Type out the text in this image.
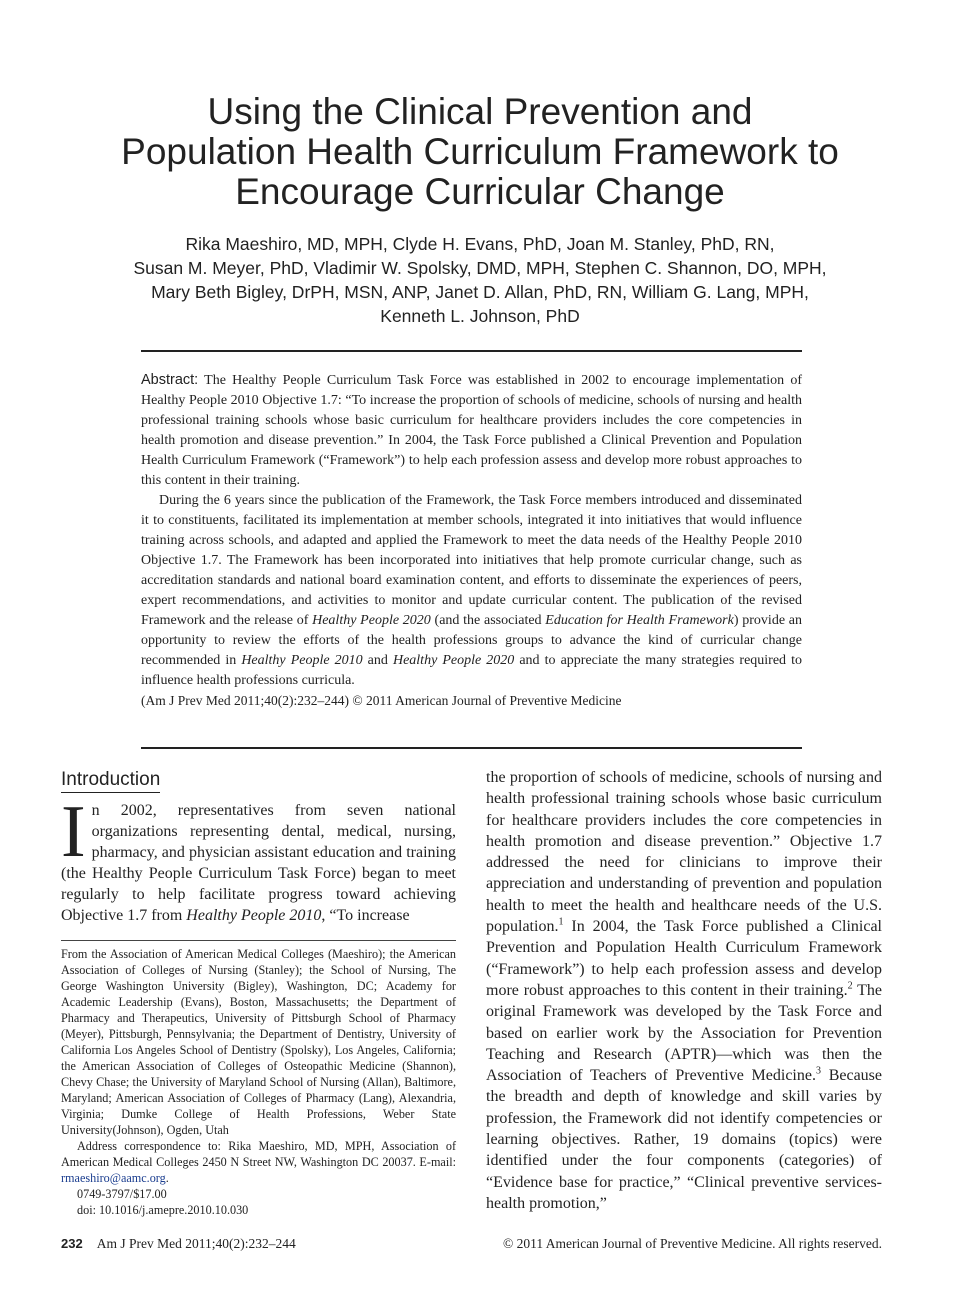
Using the Clinical Prevention and
Population Health Curriculum Framework to
Encourage Curricular Change
Rika Maeshiro, MD, MPH, Clyde H. Evans, PhD, Joan M. Stanley, PhD, RN,
Susan M. Meyer, PhD, Vladimir W. Spolsky, DMD, MPH, Stephen C. Shannon, DO, MPH,
Mary Beth Bigley, DrPH, MSN, ANP, Janet D. Allan, PhD, RN, William G. Lang, MPH,
Kenneth L. Johnson, PhD

Abstract: The Healthy People Curriculum Task Force was established in 2002 to encourage implementation of Healthy People 2010 Objective 1.7: “To increase the proportion of schools of medicine, schools of nursing and health professional training schools whose basic curriculum for healthcare providers includes the core competencies in health promotion and disease prevention.” In 2004, the Task Force published a Clinical Prevention and Population Health Curriculum Framework (“Framework”) to help each profession assess and develop more robust approaches to this content in their training.

During the 6 years since the publication of the Framework, the Task Force members introduced and disseminated it to constituents, facilitated its implementation at member schools, integrated it into initiatives that would influence training across schools, and adapted and applied the Framework to meet the data needs of the Healthy People 2010 Objective 1.7. The Framework has been incorporated into initiatives that help promote curricular change, such as accreditation standards and national board examination content, and efforts to disseminate the experiences of peers, expert recommendations, and activities to monitor and update curricular content. The publication of the revised Framework and the release of Healthy People 2020 (and the associated Education for Health Framework) provide an opportunity to review the efforts of the health professions groups to advance the kind of curricular change recommended in Healthy People 2010 and Healthy People 2020 and to appreciate the many strategies required to influence health professions curricula.

(Am J Prev Med 2011;40(2):232–244) © 2011 American Journal of Preventive Medicine

Introduction

In 2002, representatives from seven national organizations representing dental, medical, nursing, pharmacy, and physician assistant education and training (the Healthy People Curriculum Task Force) began to meet regularly to help facilitate progress toward achieving Objective 1.7 from Healthy People 2010, “To increase

From the Association of American Medical Colleges (Maeshiro); the American Association of Colleges of Nursing (Stanley); the School of Nursing, The George Washington University (Bigley), Washington, DC; Academy for Academic Leadership (Evans), Boston, Massachusetts; the Department of Pharmacy and Therapeutics, University of Pittsburgh School of Pharmacy (Meyer), Pittsburgh, Pennsylvania; the Department of Dentistry, University of California Los Angeles School of Dentistry (Spolsky), Los Angeles, California; the American Association of Colleges of Osteopathic Medicine (Shannon), Chevy Chase; the University of Maryland School of Nursing (Allan), Baltimore, Maryland; American Association of Colleges of Pharmacy (Lang), Alexandria, Virginia; Dumke College of Health Professions, Weber State University(Johnson), Ogden, Utah

Address correspondence to: Rika Maeshiro, MD, MPH, Association of American Medical Colleges 2450 N Street NW, Washington DC 20037. E-mail: rmaeshiro@aamc.org.

0749-3797/$17.00

doi: 10.1016/j.amepre.2010.10.030

the proportion of schools of medicine, schools of nursing and health professional training schools whose basic curriculum for healthcare providers includes the core competencies in health promotion and disease prevention.” Objective 1.7 addressed the need for clinicians to improve their appreciation and understanding of prevention and population health to meet the health and healthcare needs of the U.S. population.$^1$ In 2004, the Task Force published a Clinical Prevention and Population Health Curriculum Framework (“Framework”) to help each profession assess and develop more robust approaches to this content in their training.$^2$ The original Framework was developed by the Task Force and based on earlier work by the Association for Prevention Teaching and Research (APTR)—which was then the Association of Teachers of Preventive Medicine.$^3$ Because the breadth and depth of knowledge and skill varies by profession, the Framework did not identify competencies or learning objectives. Rather, 19 domains (topics) were identified under the four components (categories) of “Evidence base for practice,” “Clinical preventive services-health promotion,”

232 Am J Prev Med 2011;40(2):232–244	© 2011 American Journal of Preventive Medicine. All rights reserved.
